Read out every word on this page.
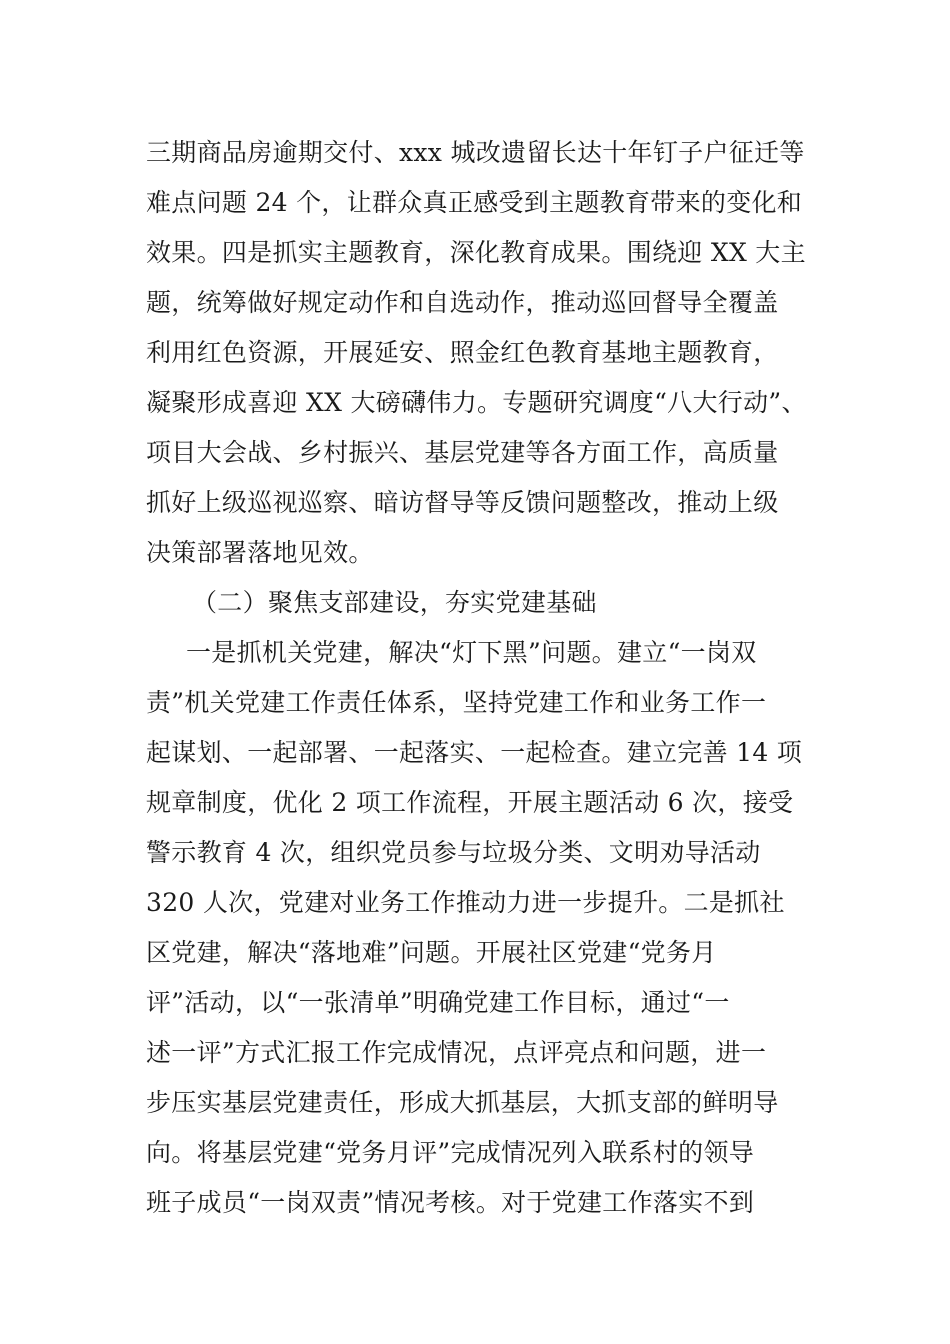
三期商品房逾期交付、xxx 城改遗留长达十年钉子户征迁等
难点问题 24 个，让群众真正感受到主题教育带来的变化和
效果。四是抓实主题教育，深化教育成果。围绕迎 XX 大主
题，统筹做好规定动作和自选动作，推动巡回督导全覆盖
利用红色资源，开展延安、照金红色教育基地主题教育，
凝聚形成喜迎 XX 大磅礴伟力。专题研究调度“八大行动”、
项目大会战、乡村振兴、基层党建等各方面工作，高质量
抓好上级巡视巡察、暗访督导等反馈问题整改，推动上级
决策部署落地见效。
（二）聚焦支部建设，夯实党建基础
一是抓机关党建，解决“灯下黑”问题。建立“一岗双
责”机关党建工作责任体系，坚持党建工作和业务工作一
起谋划、一起部署、一起落实、一起检查。建立完善 14 项
规章制度，优化 2 项工作流程，开展主题活动 6 次，接受
警示教育 4 次，组织党员参与垃圾分类、文明劝导活动
320 人次，党建对业务工作推动力进一步提升。二是抓社
区党建，解决“落地难”问题。开展社区党建“党务月
评”活动，以“一张清单”明确党建工作目标，通过“一
述一评”方式汇报工作完成情况，点评亮点和问题，进一
步压实基层党建责任，形成大抓基层，大抓支部的鲜明导
向。将基层党建“党务月评”完成情况列入联系村的领导
班子成员“一岗双责”情况考核。对于党建工作落实不到
